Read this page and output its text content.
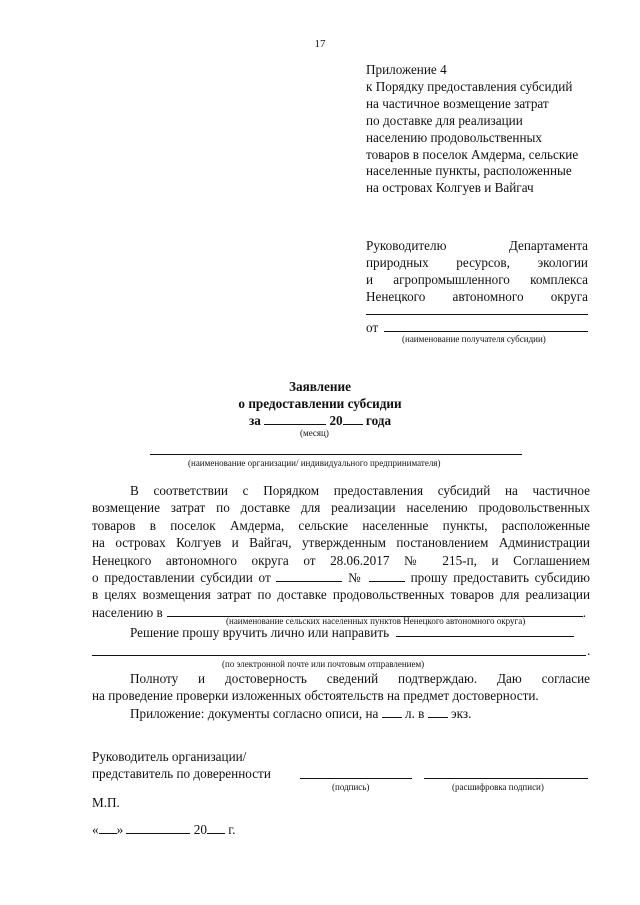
17
Приложение 4
к Порядку предоставления субсидий
на частичное возмещение затрат
по доставке для реализации
населению продовольственных
товаров в поселок Амдерма, сельские
населенные пункты, расположенные
на островах Колгуев и Вайгач
Руководителю Департамента
природных ресурсов, экологии
и агропромышленного комплекса
Ненецкого автономного округа
от
(наименование получателя субсидии)
Заявление
о предоставлении субсидии
за	20 года
(месяц)
(наименование организации/ индивидуального предпринимателя)
В соответствии с Порядком предоставления субсидий на частичное
возмещение затрат по доставке для реализации населению продовольственных
товаров в поселок Амдерма, сельские населенные пункты, расположенные
на островах Колгуев и Вайгач, утвержденным постановлением Администрации
Ненецкого автономного округа от 28.06.2017 № 215-п, и Соглашением
о предоставлении субсидии от	№	прошу предоставить субсидию
в целях возмещения затрат по доставке продовольственных товаров для реализации
населению в	.
(наименование сельских населенных пунктов Ненецкого автономного округа)
Решение прошу вручить лично или направить
.
(по электронной почте или почтовым отправлением)
Полноту и достоверность сведений подтверждаю. Даю согласие
на проведение проверки изложенных обстоятельств на предмет достоверности.
Приложение: документы согласно описи, на л. в экз.
Руководитель организации/
представитель по доверенности
(подпись)	(расшифровка подписи)
М.П.
« »	20 г.
